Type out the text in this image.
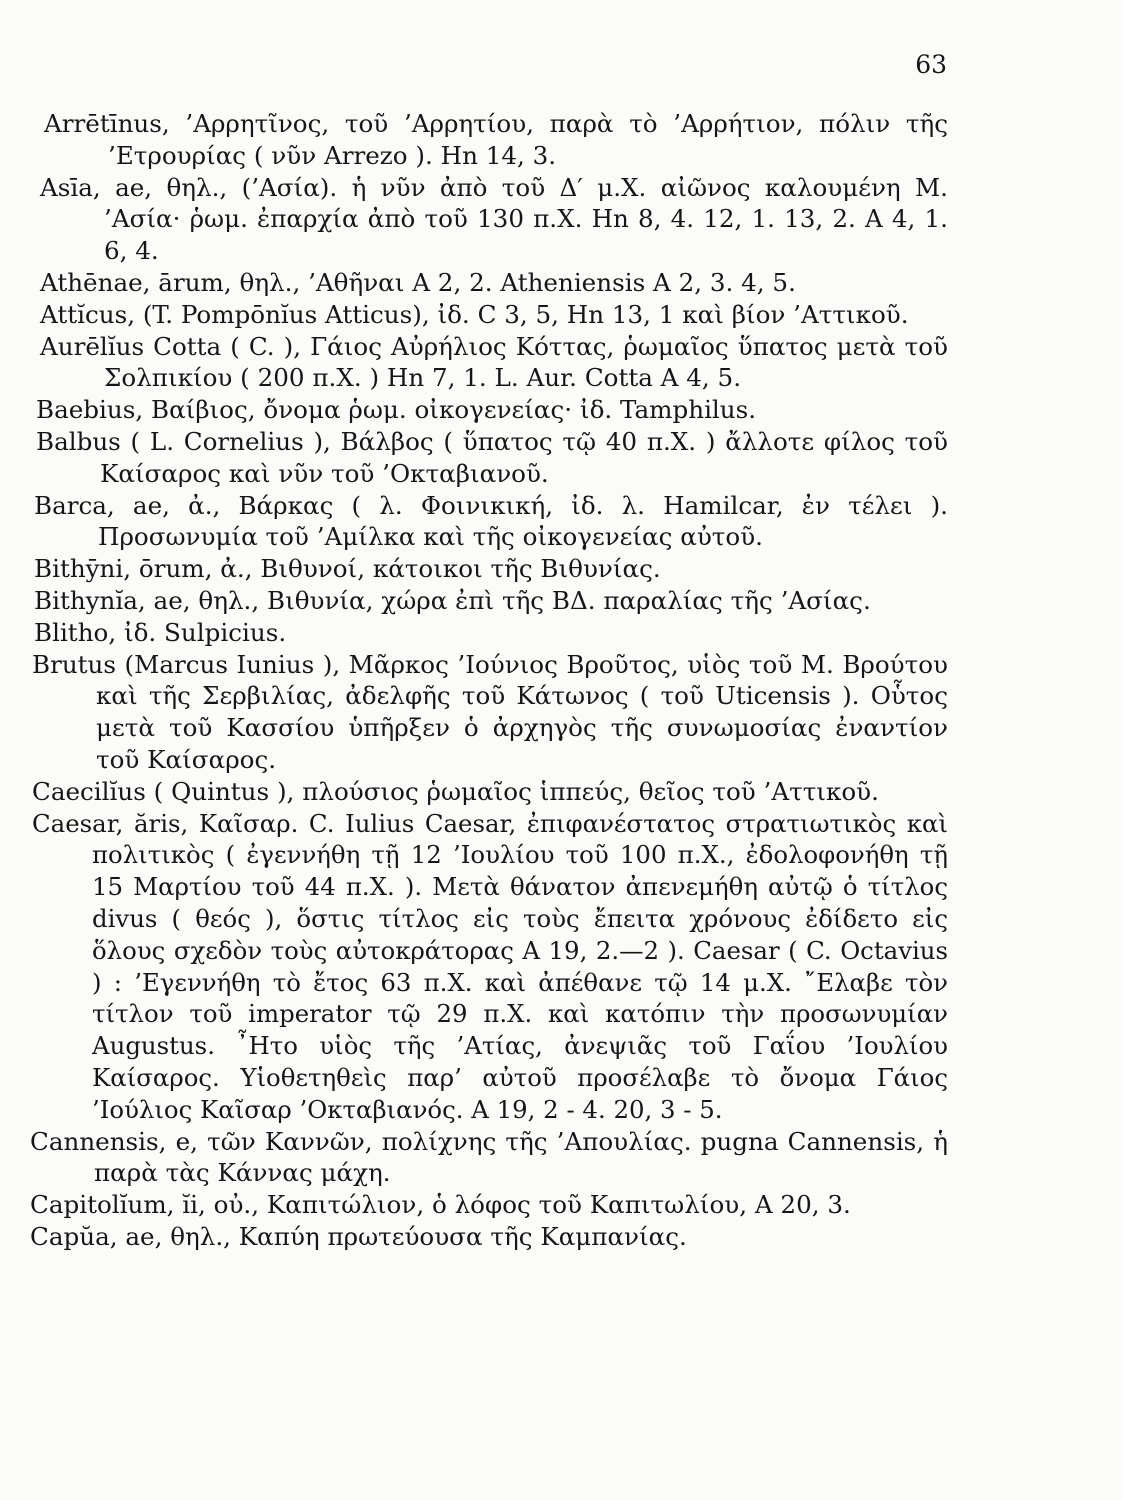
63

Arrētīnus, ’Αρρητῖνος, τοῦ ’Αρρητίου, παρὰ τὸ ’Αρρήτιον, πόλιν τῆς ’Ετρουρίας ( νῦν Arrezo ). Hn 14, 3.

Asīa, ae, θηλ., (’Ασία). ἡ νῦν ἀπὸ τοῦ Δ′ μ.Χ. αἰῶνος καλουμένη Μ. ’Ασία· ῥωμ. ἐπαρχία ἀπὸ τοῦ 130 π.Χ. Hn 8, 4. 12, 1. 13, 2. A 4, 1. 6, 4.

Athēnae, ārum, θηλ., ’Αθῆναι A 2, 2. Atheniensis A 2, 3. 4, 5.

Attĭcus, (T. Pompōnĭus Atticus), ἰδ. C 3, 5, Hn 13, 1 καὶ βίον ’Αττικοῦ.

Aurēlĭus Cotta ( C. ), Γάιος Αὐρήλιος Κόττας, ῥωμαῖος ὕπατος μετὰ τοῦ Σολπικίου ( 200 π.Χ. ) Hn 7, 1. L. Aur. Cotta A 4, 5.

Baebius, Βαίβιος, ὄνομα ῥωμ. οἰκογενείας· ἰδ. Tamphilus.

Balbus ( L. Cornelius ), Βάλβος ( ὕπατος τῷ 40 π.Χ. ) ἄλλοτε φίλος τοῦ Καίσαρος καὶ νῦν τοῦ ’Οκταβιανοῦ.

Barca, ae, ἀ., Βάρκας ( λ. Φοινικική, ἰδ. λ. Hamilcar, ἐν τέλει ). Προσωνυμία τοῦ ’Αμίλκα καὶ τῆς οἰκογενείας αὐτοῦ.

Bithȳni, ōrum, ἀ., Βιθυνοί, κάτοικοι τῆς Βιθυνίας.

Bithynĭa, ae, θηλ., Βιθυνία, χώρα ἐπὶ τῆς ΒΔ. παραλίας τῆς ’Ασίας.

Blitho, ἰδ. Sulpicius.

Brutus (Marcus Iunius ), Μᾶρκος ’Ιούνιος Βροῦτος, υἱὸς τοῦ Μ. Βρούτου καὶ τῆς Σερβιλίας, ἀδελφῆς τοῦ Κάτωνος ( τοῦ Uticensis ). Οὗτος μετὰ τοῦ Κασσίου ὑπῆρξεν ὁ ἀρχηγὸς τῆς συνωμοσίας ἐναντίον τοῦ Καίσαρος.

Caecilĭus ( Quintus ), πλούσιος ῥωμαῖος ἱππεύς, θεῖος τοῦ ’Αττικοῦ.

Caesar, ăris, Καῖσαρ. C. Iulius Caesar, ἐπιφανέστατος στρατιωτικὸς καὶ πολιτικὸς ( ἐγεννήθη τῇ 12 ’Ιουλίου τοῦ 100 π.Χ., ἐδολοφονήθη τῇ 15 Μαρτίου τοῦ 44 π.Χ. ). Μετὰ θάνατον ἀπενεμήθη αὐτῷ ὁ τίτλος divus ( θεός ), ὅστις τίτλος εἰς τοὺς ἔπειτα χρόνους ἐδίδετο εἰς ὅλους σχεδὸν τοὺς αὐτοκράτορας A 19, 2.—2 ). Caesar ( C. Octavius ) : ’Εγεννήθη τὸ ἔτος 63 π.Χ. καὶ ἀπέθανε τῷ 14 μ.Χ. ῎Ελαβε τὸν τίτλον τοῦ imperator τῷ 29 π.Χ. καὶ κατόπιν τὴν προσωνυμίαν Augustus. ῏Ητο υἱὸς τῆς ’Ατίας, ἀνεψιᾶς τοῦ Γαΐου ’Ιουλίου Καίσαρος. Υἱοθετηθεὶς παρ’ αὐτοῦ προσέλαβε τὸ ὄνομα Γάιος ’Ιούλιος Καῖσαρ ’Οκταβιανός. A 19, 2 - 4. 20, 3 - 5.

Cannensis, e, τῶν Καννῶν, πολίχνης τῆς ’Απουλίας. pugna Cannensis, ἡ παρὰ τὰς Κάννας μάχη.

Capitolĭum, ĭi, οὐ., Καπιτώλιον, ὁ λόφος τοῦ Καπιτωλίου, A 20, 3.

Capŭa, ae, θηλ., Καπύη πρωτεύουσα τῆς Καμπανίας.
